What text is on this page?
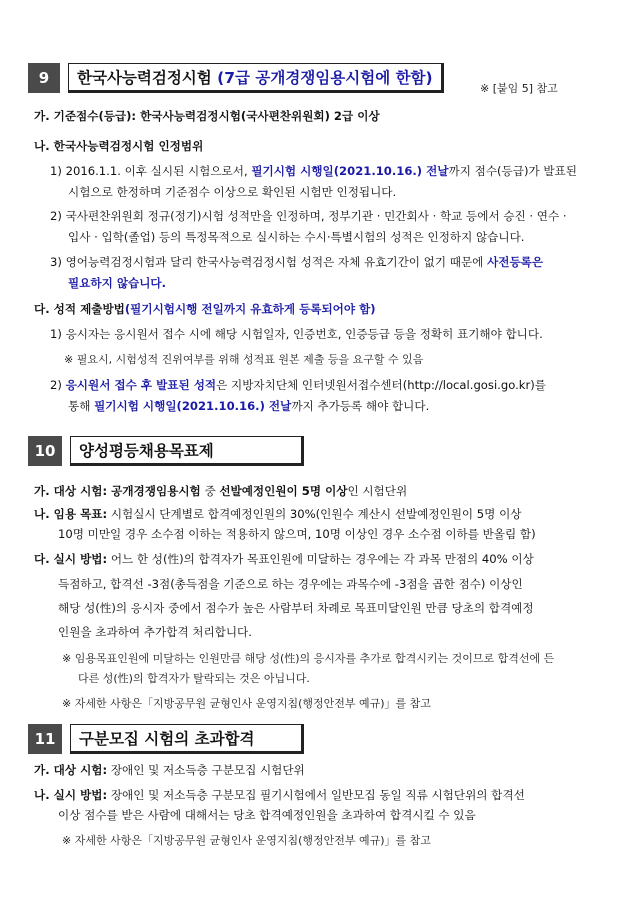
9	한국사능력검정시험
(7급 공개경쟁임용시험에 한함)
※ [붙임 5] 참고
가. 기준점수(등급): 한국사능력검정시험(국사편찬위원회) 2급 이상
나. 한국사능력검정시험 인정범위
1) 2016.1.1. 이후 실시된 시험으로서, 필기시험 시행일(2021.10.16.) 전날까지 점수(등급)가 발표된
시험으로 한정하며 기준점수 이상으로 확인된 시험만 인정됩니다.
2) 국사편찬위원회 정규(정기)시험 성적만을 인정하며, 정부기관 · 민간회사 · 학교 등에서 승진 · 연수 ·
입사 · 입학(졸업) 등의 특정목적으로 실시하는 수시·특별시험의 성적은 인정하지 않습니다.
3) 영어능력검정시험과 달리 한국사능력검정시험 성적은 자체 유효기간이 없기 때문에 사전등록은
필요하지 않습니다.
다. 성적 제출방법(필기시험시행 전일까지 유효하게 등록되어야 함)
1) 응시자는 응시원서 접수 시에 해당 시험일자, 인증번호, 인증등급 등을 정확히 표기해야 합니다.
※ 필요시, 시험성적 진위여부를 위해 성적표 원본 제출 등을 요구할 수 있음
2) 응시원서 접수 후 발표된 성적은 지방자치단체 인터넷원서접수센터(http://local.gosi.go.kr)를
통해 필기시험 시행일(2021.10.16.) 전날까지 추가등록 해야 합니다.
10	양성평등채용목표제
가. 대상 시험: 공개경쟁임용시험 중 선발예정인원이 5명 이상인 시험단위
나. 임용 목표: 시험실시 단계별로 합격예정인원의 30%(인원수 계산시 선발예정인원이 5명 이상
10명 미만일 경우 소수점 이하는 적용하지 않으며, 10명 이상인 경우 소수점 이하를 반올림 함)
다. 실시 방법: 어느 한 성(性)의 합격자가 목표인원에 미달하는 경우에는 각 과목 만점의 40% 이상
득점하고, 합격선 -3점(총득점을 기준으로 하는 경우에는 과목수에 -3점을 곱한 점수) 이상인
해당 성(性)의 응시자 중에서 점수가 높은 사람부터 차례로 목표미달인원 만큼 당초의 합격예정
인원을 초과하여 추가합격 처리합니다.
※ 임용목표인원에 미달하는 인원만큼 해당 성(性)의 응시자를 추가로 합격시키는 것이므로 합격선에 든
다른 성(性)의 합격자가 탈락되는 것은 아닙니다.
※ 자세한 사항은「지방공무원 균형인사 운영지침(행정안전부 예규)」를 참고
11	구분모집 시험의 초과합격
가. 대상 시험: 장애인 및 저소득층 구분모집 시험단위
나. 실시 방법: 장애인 및 저소득층 구분모집 필기시험에서 일반모집 동일 직류 시험단위의 합격선
이상 점수를 받은 사람에 대해서는 당초 합격예정인원을 초과하여 합격시킬 수 있음
※ 자세한 사항은「지방공무원 균형인사 운영지침(행정안전부 예규)」를 참고
